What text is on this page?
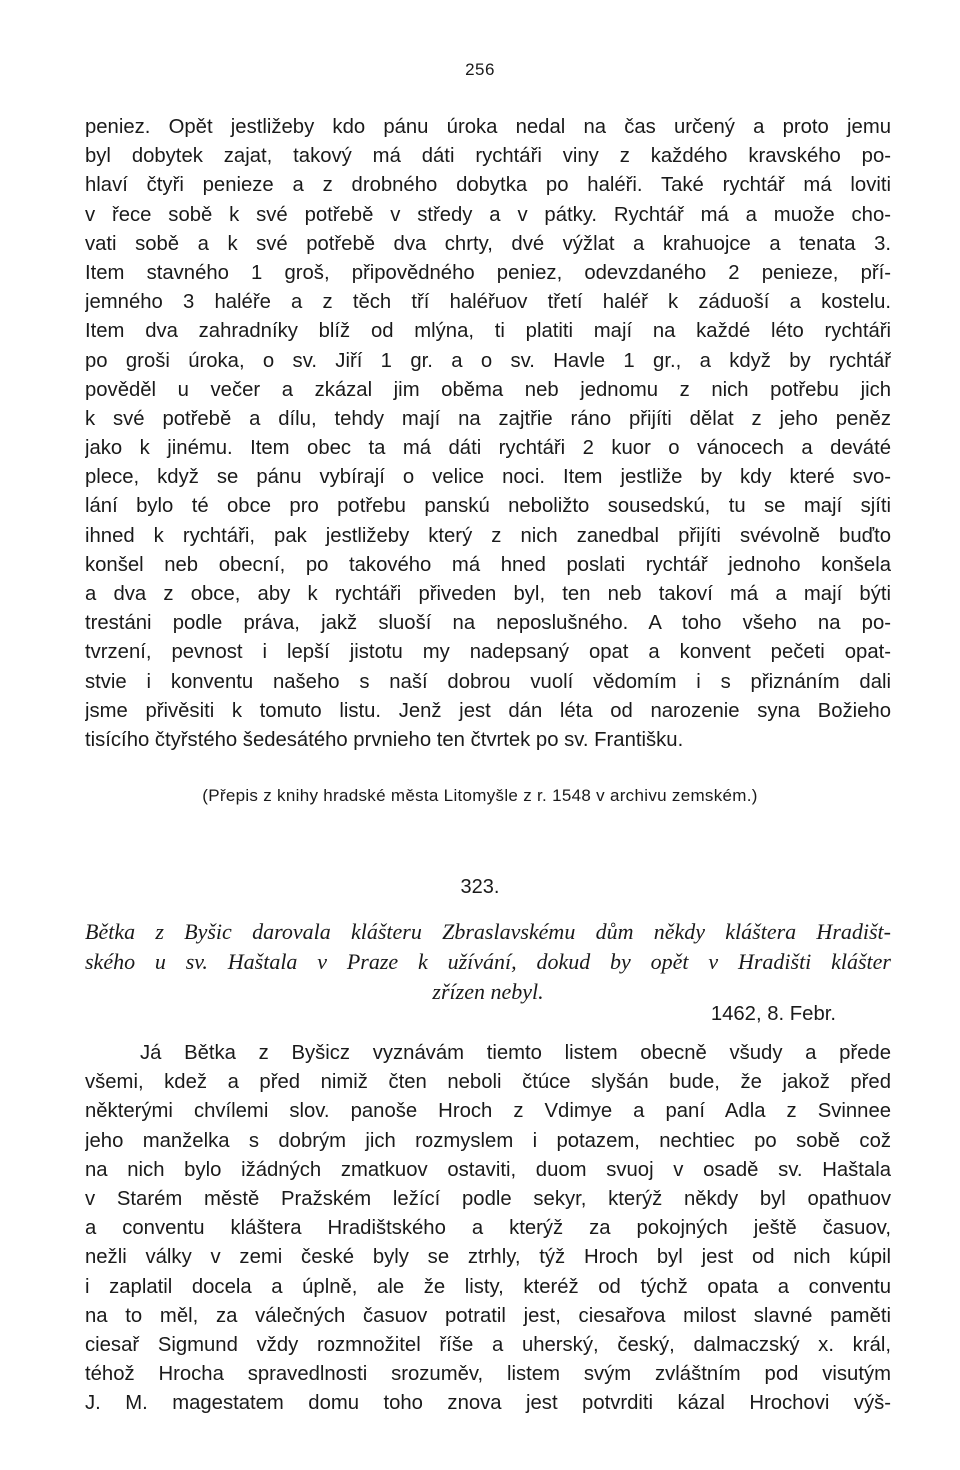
256
peniez. Opět jestližeby kdo pánu úroka nedal na čas určený a proto jemu
byl dobytek zajat, takový má dáti rychtáři viny z každého kravského po-
hlaví čtyři penieze a z drobného dobytka po haléři. Také rychtář má loviti
v řece sobě k své potřebě v středy a v pátky. Rychtář má a muože cho-
vati sobě a k své potřebě dva chrty, dvé výžlat a krahuojce a tenata 3.
Item stavného 1 groš, připovědného peniez, odevzdaného 2 penieze, pří-
jemného 3 haléře a z těch tří haléřuov třetí haléř k záduoší a kostelu.
Item dva zahradníky blíž od mlýna, ti platiti mají na každé léto rychtáři
po groši úroka, o sv. Jiří 1 gr. a o sv. Havle 1 gr., a když by rychtář
pověděl u večer a zkázal jim oběma neb jednomu z nich potřebu jich
k své potřebě a dílu, tehdy mají na zajtřie ráno přijíti dělat z jeho peněz
jako k jinému. Item obec ta má dáti rychtáři 2 kuor o vánocech a deváté
plece, když se pánu vybírají o velice noci. Item jestliže by kdy které svo-
lání bylo té obce pro potřebu panskú neboližto sousedskú, tu se mají sjíti
ihned k rychtáři, pak jestližeby který z nich zanedbal přijíti svévolně buďto
konšel neb obecní, po takového má hned poslati rychtář jednoho konšela
a dva z obce, aby k rychtáři přiveden byl, ten neb takoví má a mají býti
trestáni podle práva, jakž sluoší na neposlušného. A toho všeho na po-
tvrzení, pevnost i lepší jistotu my nadepsaný opat a konvent pečeti opat-
stvie i konventu našeho s naší dobrou vuolí vědomím i s přiznáním dali
jsme přivěsiti k tomuto listu. Jenž jest dán léta od narozenie syna Božieho
tisícího čtyřstého šedesátého prvnieho ten čtvrtek po sv. Františku.
(Přepis z knihy hradské města Litomyšle z r. 1548 v archivu zemském.)
323.
Bětka z Byšic darovala klášteru Zbraslavskému dům někdy kláštera Hradišt-
ského u sv. Haštala v Praze k užívání, dokud by opět v Hradišti klášter
zřízen nebyl.
1462, 8. Febr.
Já Bětka z Byšicz vyznávám tiemto listem obecně všudy a přede
všemi, kdež a před nimiž čten neboli čtúce slyšán bude, že jakož před
některými chvílemi slov. panoše Hroch z Vdimye a paní Adla z Svinnee
jeho manželka s dobrým jich rozmyslem i potazem, nechtiec po sobě což
na nich bylo ižádných zmatkuov ostaviti, duom svuoj v osadě sv. Haštala
v Starém městě Pražském ležící podle sekyr, kterýž někdy byl opathuov
a conventu kláštera Hradištského a kterýž za pokojných ještě časuov,
nežli války v zemi české byly se ztrhly, týž Hroch byl jest od nich kúpil
i zaplatil docela a úplně, ale že listy, kteréž od týchž opata a conventu
na to měl, za válečných časuov potratil jest, ciesařova milost slavné paměti
ciesař Sigmund vždy rozmnožitel říše a uherský, český, dalmaczský x. král,
téhož Hrocha spravedlnosti srozuměv, listem svým zvláštním pod visutým
J. M. magestatem domu toho znova jest potvrditi kázal Hrochovi výš-
